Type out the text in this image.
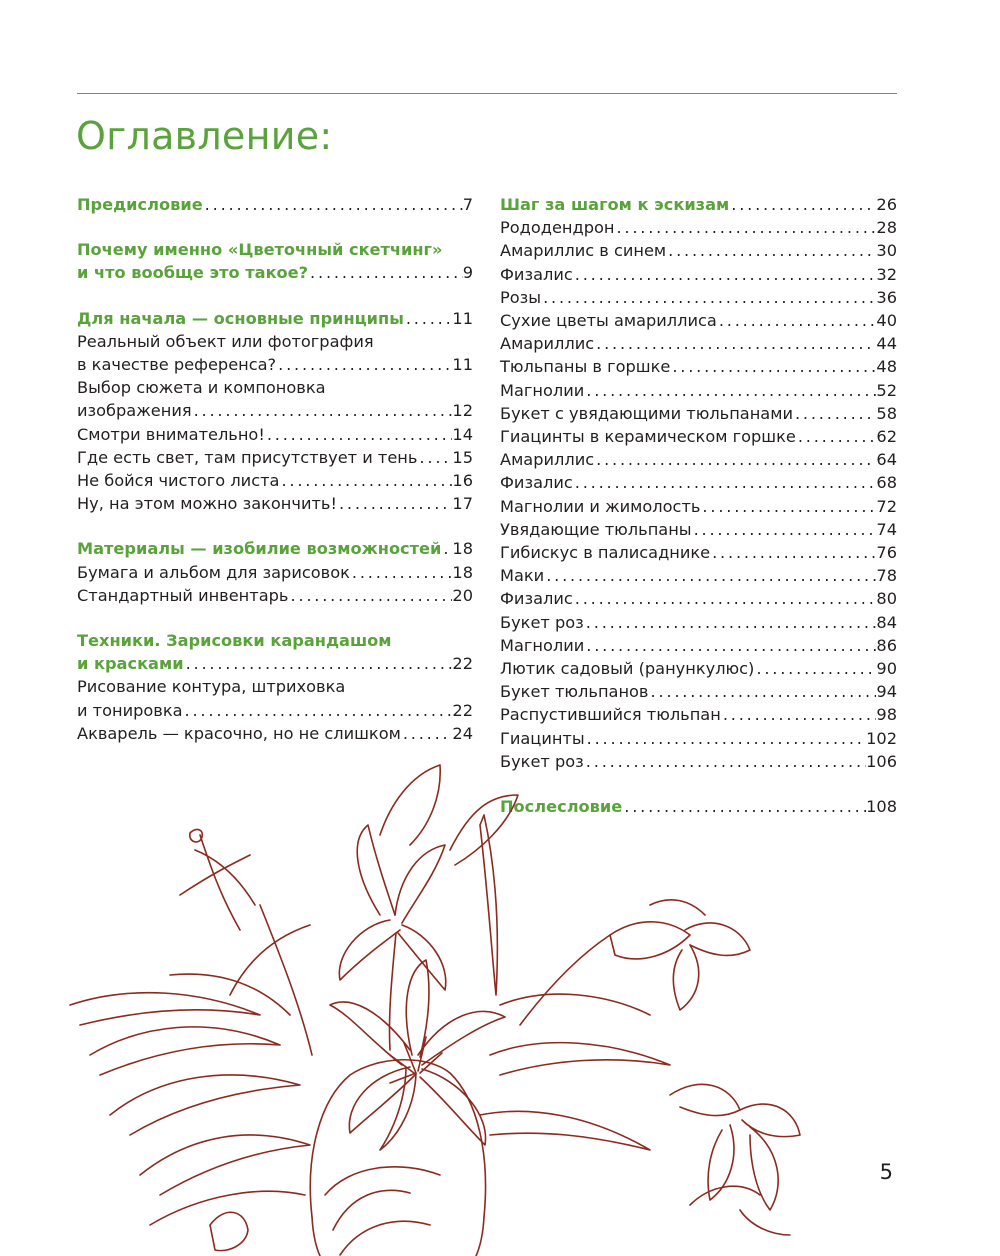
Оглавление:
Предисловие .....	7
Почему именно «Цветочный скетчинг»
и что вообще это такое? .....	9
Для начала — основные принципы .....	11
Реальный объект или фотография
в качестве референса? .....	11
Выбор сюжета и компоновка
изображения .....	12
Смотри внимательно! .....	14
Где есть свет, там присутствует и тень ..... 15
Не бойся чистого листа .....	16
Ну, на этом можно закончить! .....	17
Материалы — изобилие возможностей ..... 18
Бумага и альбом для зарисовок .....	18
Стандартный инвентарь .....	20
Техники. Зарисовки карандашом
и красками .....	22
Рисование контура, штриховка
и тонировка .....	22
Акварель — красочно, но не слишком .....	24
Шаг за шагом к эскизам .....	26
Рододендрон .....	28
Амариллис в синем .....	30
Физалис .....	32
Розы .....	36
Сухие цветы амариллиса .....	40
Амариллис .....	44
Тюльпаны в горшке .....	48
Магнолии .....	52
Букет с увядающими тюльпанами .....	58
Гиацинты в керамическом горшке .....	62
Амариллис .....	64
Физалис .....	68
Магнолии и жимолость .....	72
Увядающие тюльпаны .....	74
Гибискус в палисаднике .....	76
Маки .....	78
Физалис .....	80
Букет роз .....	84
Магнолии .....	86
Лютик садовый (ранункулюс) .....	90
Букет тюльпанов .....	94
Распустившийся тюльпан .....	98
Гиацинты .....	102
Букет роз .....	106
Послесловие .....	108
5
